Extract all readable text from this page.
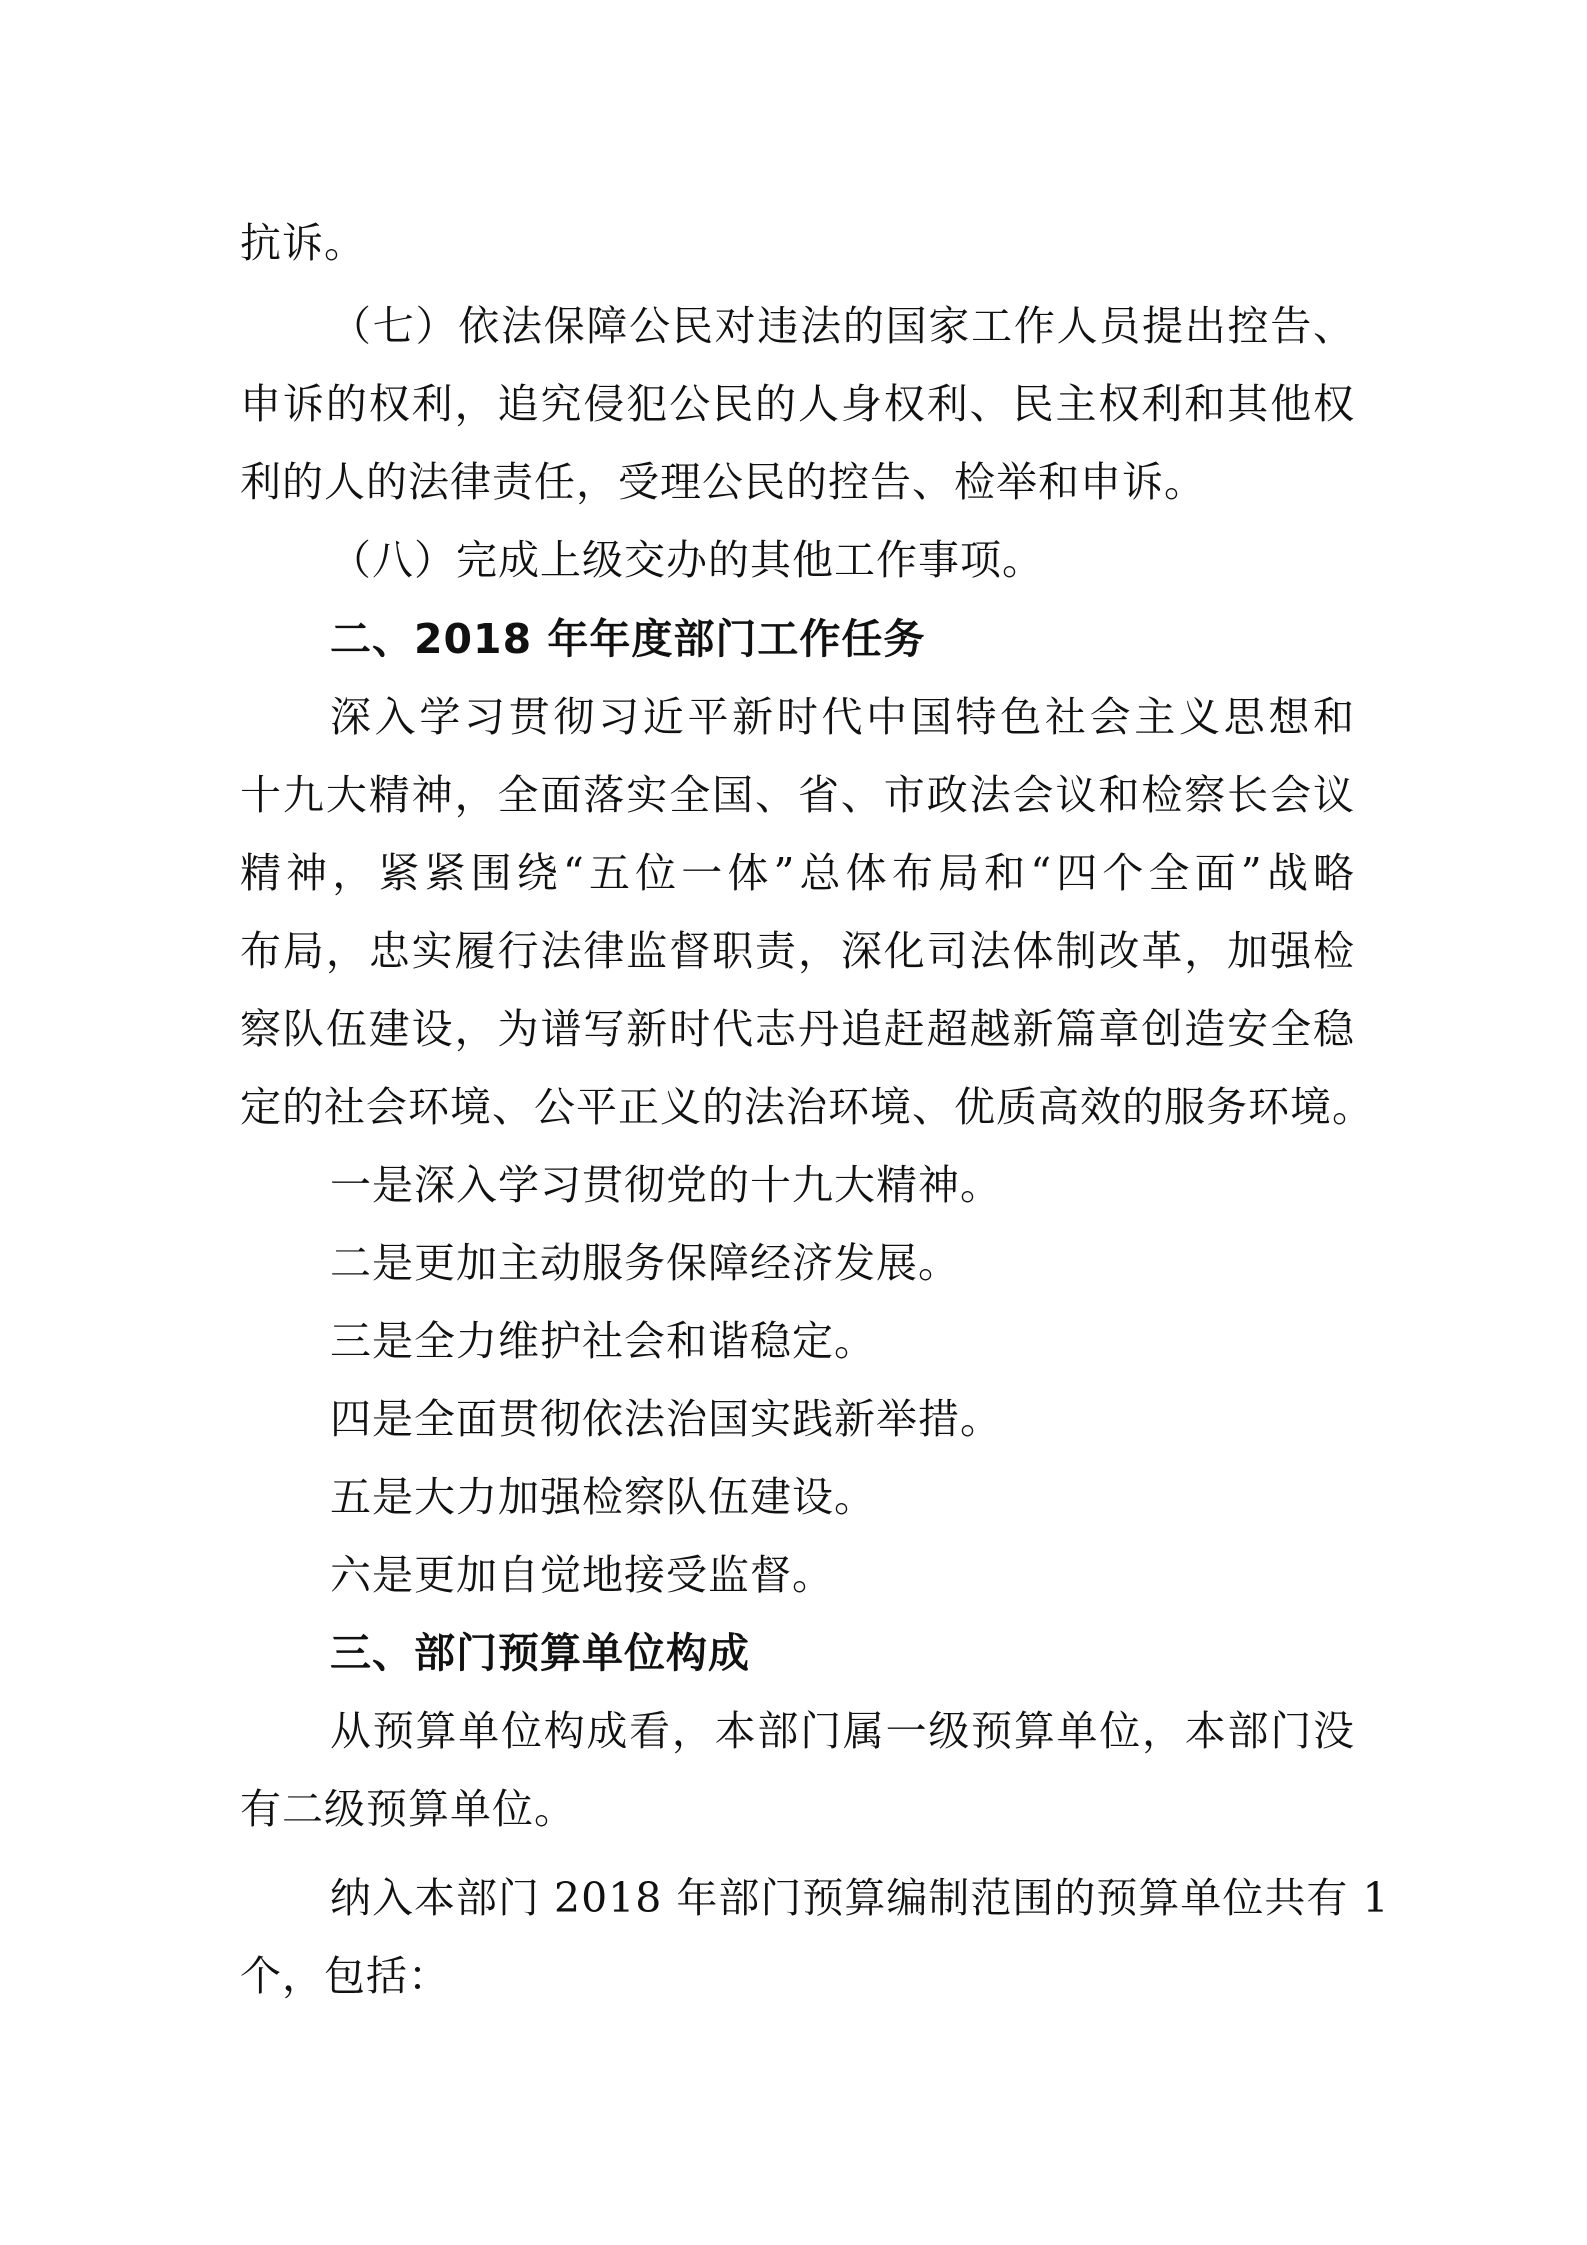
抗诉。
（七）依法保障公民对违法的国家工作人员提出控告、
申诉的权利，追究侵犯公民的人身权利、民主权利和其他权
利的人的法律责任，受理公民的控告、检举和申诉。
（八）完成上级交办的其他工作事项。
二、2018 年年度部门工作任务
深入学习贯彻习近平新时代中国特色社会主义思想和
十九大精神，全面落实全国、省、市政法会议和检察长会议
精神，紧紧围绕“五位一体”总体布局和“四个全面”战略
布局，忠实履行法律监督职责，深化司法体制改革，加强检
察队伍建设，为谱写新时代志丹追赶超越新篇章创造安全稳
定的社会环境、公平正义的法治环境、优质高效的服务环境。
一是深入学习贯彻党的十九大精神。
二是更加主动服务保障经济发展。
三是全力维护社会和谐稳定。
四是全面贯彻依法治国实践新举措。
五是大力加强检察队伍建设。
六是更加自觉地接受监督。
三、部门预算单位构成
从预算单位构成看，本部门属一级预算单位，本部门没
有二级预算单位。
纳入本部门 2018 年部门预算编制范围的预算单位共有 1
个，包括：
